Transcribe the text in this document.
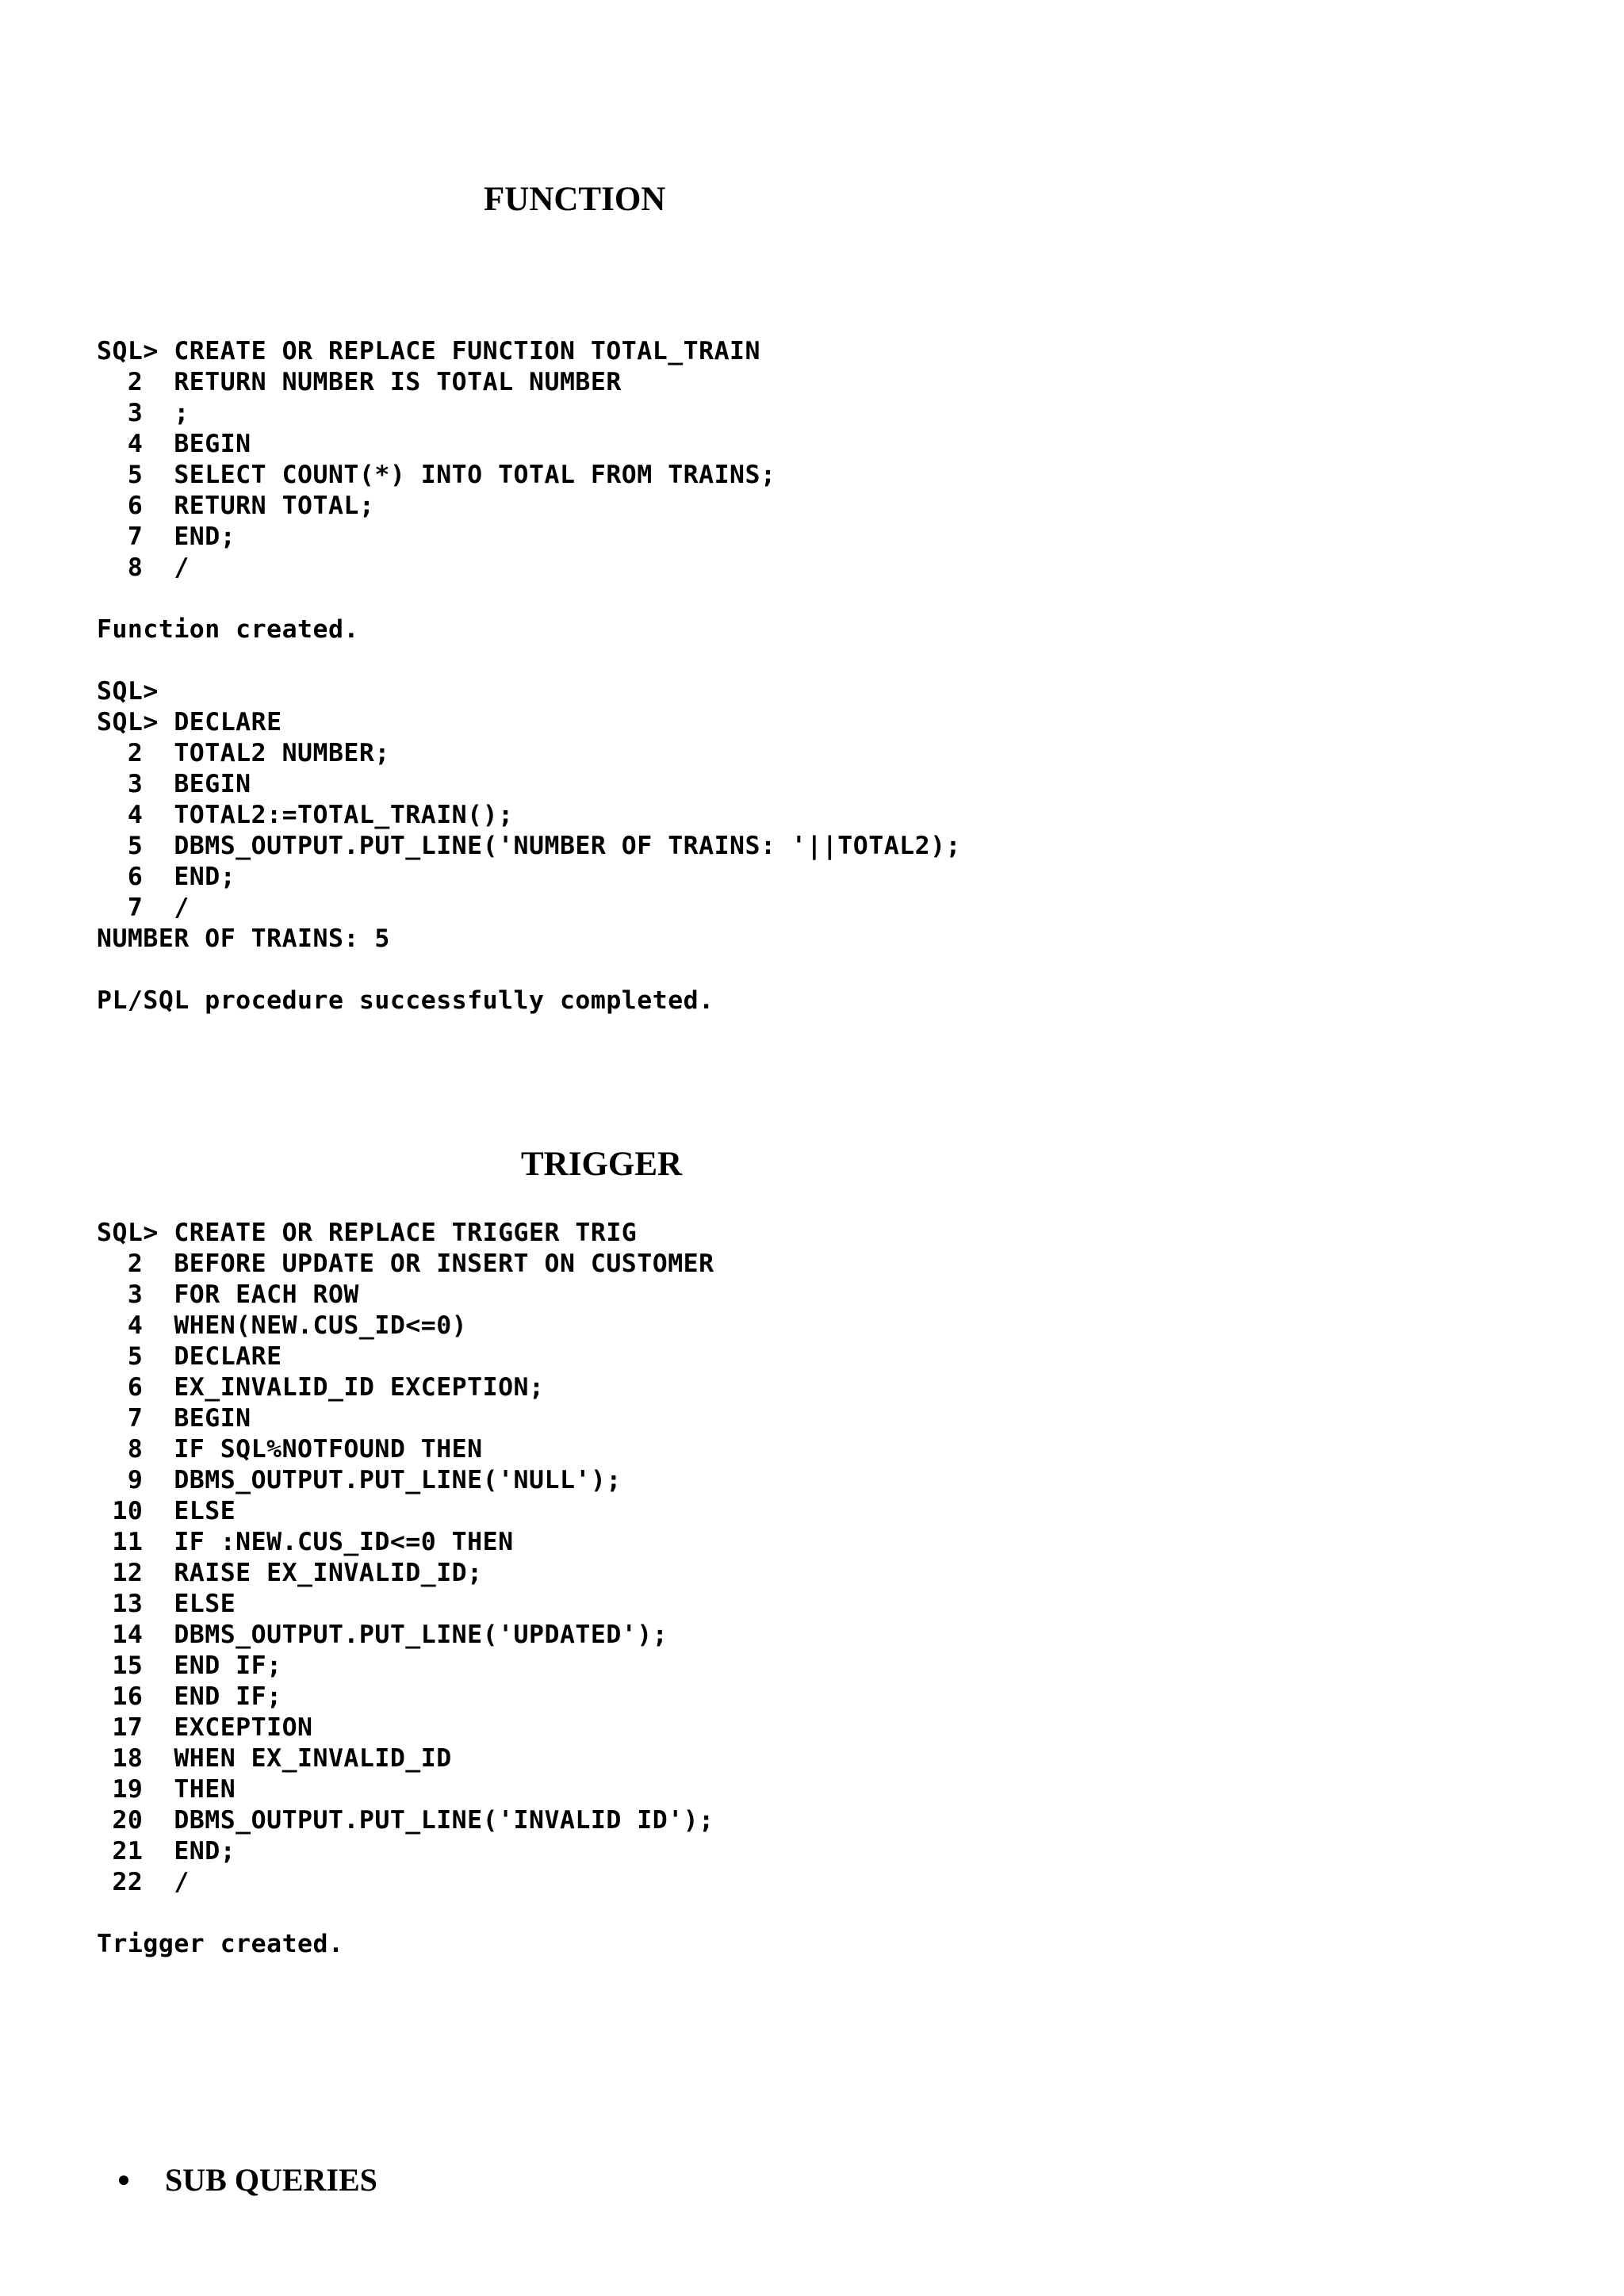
FUNCTION
SQL> CREATE OR REPLACE FUNCTION TOTAL_TRAIN
2  RETURN NUMBER IS TOTAL NUMBER
3  ;
4  BEGIN
5  SELECT COUNT(*) INTO TOTAL FROM TRAINS;
6  RETURN TOTAL;
7  END;
8  /
Function created.
SQL>
SQL> DECLARE
2  TOTAL2 NUMBER;
3  BEGIN
4  TOTAL2:=TOTAL_TRAIN();
5  DBMS_OUTPUT.PUT_LINE('NUMBER OF TRAINS: '||TOTAL2);
6  END;
7  /
NUMBER OF TRAINS: 5
PL/SQL procedure successfully completed.
TRIGGER
SQL> CREATE OR REPLACE TRIGGER TRIG
2  BEFORE UPDATE OR INSERT ON CUSTOMER
3  FOR EACH ROW
4  WHEN(NEW.CUS_ID<=0)
5  DECLARE
6  EX_INVALID_ID EXCEPTION;
7  BEGIN
8  IF SQL%NOTFOUND THEN
9  DBMS_OUTPUT.PUT_LINE('NULL');
10  ELSE
11  IF :NEW.CUS_ID<=0 THEN
12  RAISE EX_INVALID_ID;
13  ELSE
14  DBMS_OUTPUT.PUT_LINE('UPDATED');
15  END IF;
16  END IF;
17  EXCEPTION
18  WHEN EX_INVALID_ID
19  THEN
20  DBMS_OUTPUT.PUT_LINE('INVALID ID');
21  END;
22  /
Trigger created.
SUB QUERIES
